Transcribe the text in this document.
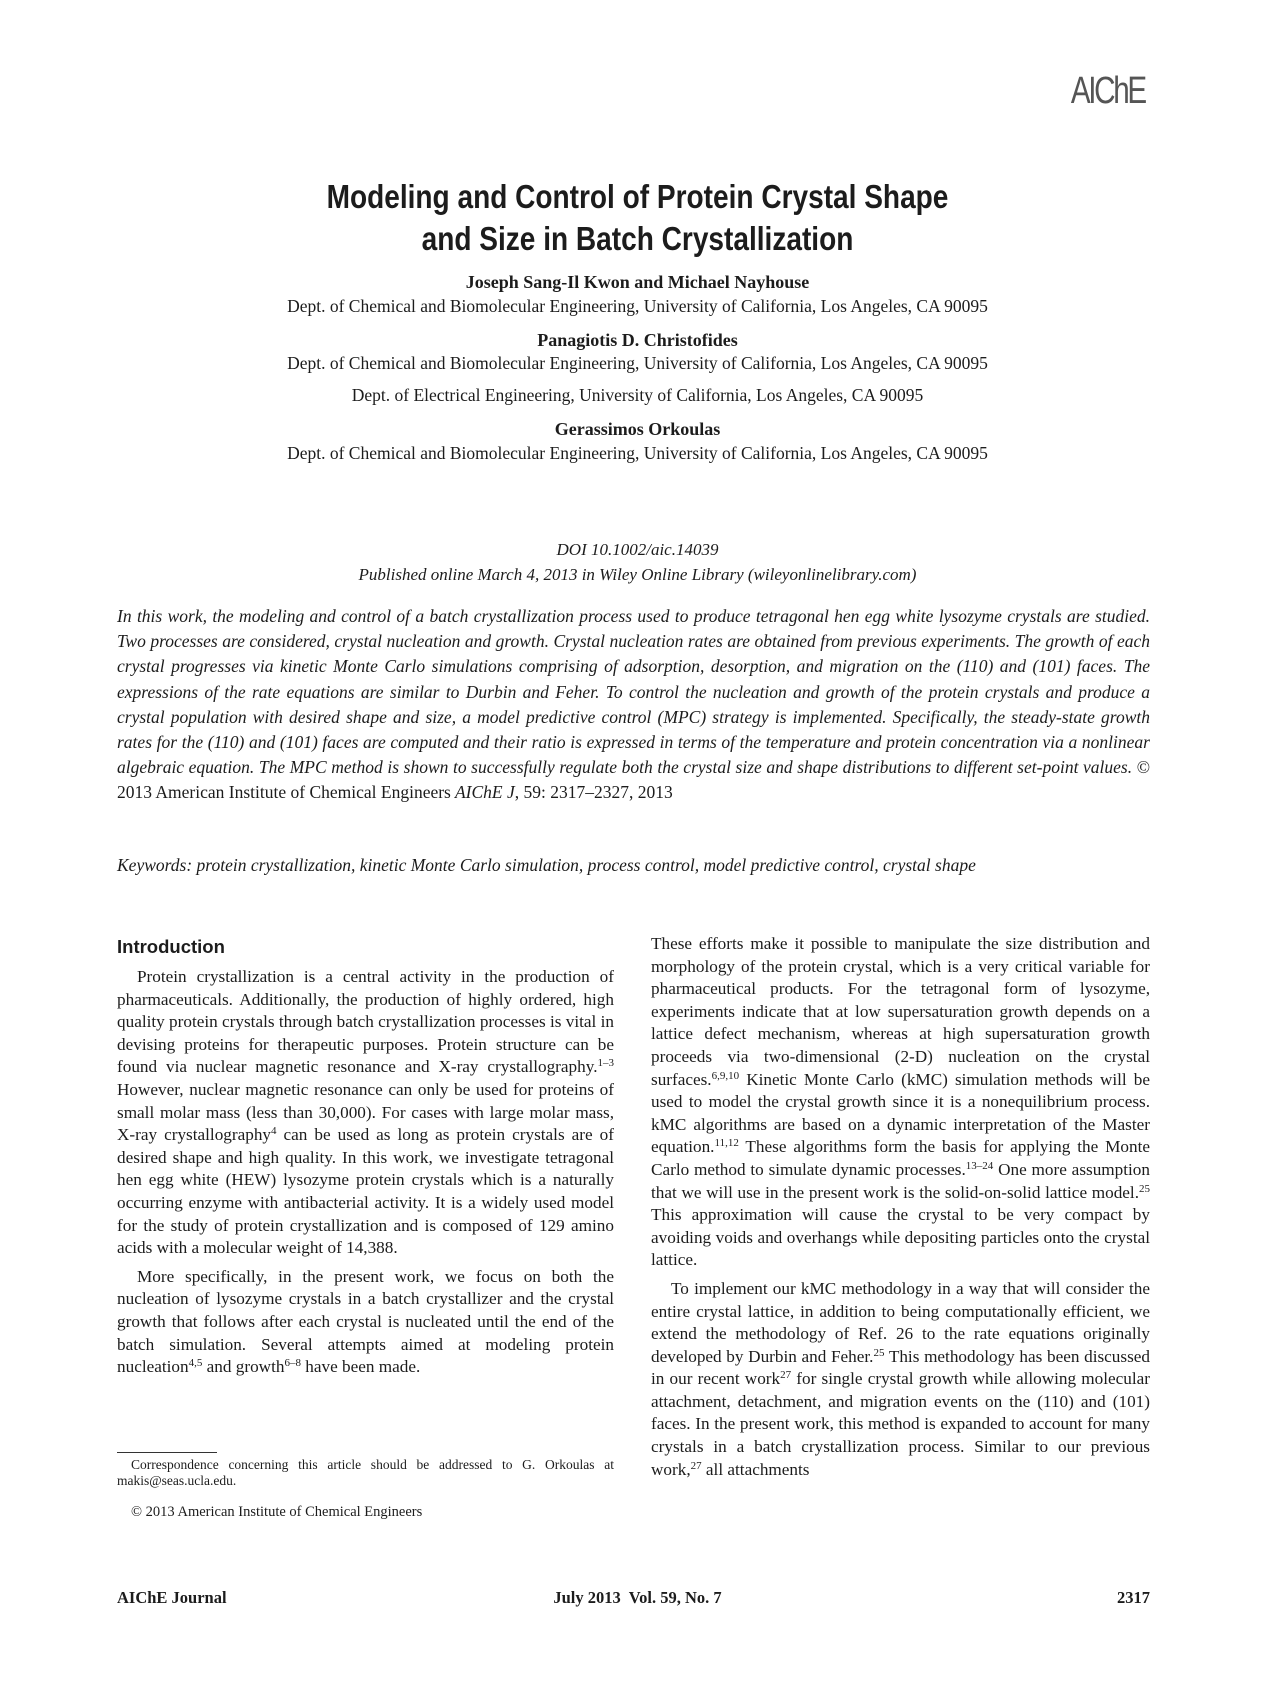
AIChE
Modeling and Control of Protein Crystal Shape
and Size in Batch Crystallization
Joseph Sang-Il Kwon and Michael Nayhouse
Dept. of Chemical and Biomolecular Engineering, University of California, Los Angeles, CA 90095
Panagiotis D. Christofides
Dept. of Chemical and Biomolecular Engineering, University of California, Los Angeles, CA 90095
Dept. of Electrical Engineering, University of California, Los Angeles, CA 90095
Gerassimos Orkoulas
Dept. of Chemical and Biomolecular Engineering, University of California, Los Angeles, CA 90095
DOI 10.1002/aic.14039
Published online March 4, 2013 in Wiley Online Library (wileyonlinelibrary.com)
In this work, the modeling and control of a batch crystallization process used to produce tetragonal hen egg white lysozyme crystals are studied. Two processes are considered, crystal nucleation and growth. Crystal nucleation rates are obtained from previous experiments. The growth of each crystal progresses via kinetic Monte Carlo simulations comprising of adsorption, desorption, and migration on the (110) and (101) faces. The expressions of the rate equations are similar to Durbin and Feher. To control the nucleation and growth of the protein crystals and produce a crystal population with desired shape and size, a model predictive control (MPC) strategy is implemented. Specifically, the steady-state growth rates for the (110) and (101) faces are computed and their ratio is expressed in terms of the temperature and protein concentration via a nonlinear algebraic equation. The MPC method is shown to successfully regulate both the crystal size and shape distributions to different set-point values. © 2013 American Institute of Chemical Engineers AIChE J, 59: 2317–2327, 2013
Keywords: protein crystallization, kinetic Monte Carlo simulation, process control, model predictive control, crystal shape
Introduction

Protein crystallization is a central activity in the production of pharmaceuticals. Additionally, the production of highly ordered, high quality protein crystals through batch crystallization processes is vital in devising proteins for therapeutic purposes. Protein structure can be found via nuclear magnetic resonance and X-ray crystallography.$^{1-3}$ However, nuclear magnetic resonance can only be used for proteins of small molar mass (less than 30,000). For cases with large molar mass, X-ray crystallography$^4$ can be used as long as protein crystals are of desired shape and high quality. In this work, we investigate tetragonal hen egg white (HEW) lysozyme protein crystals which is a naturally occurring enzyme with antibacterial activity. It is a widely used model for the study of protein crystallization and is composed of 129 amino acids with a molecular weight of 14,388.

More specifically, in the present work, we focus on both the nucleation of lysozyme crystals in a batch crystallizer and the crystal growth that follows after each crystal is nucleated until the end of the batch simulation. Several attempts aimed at modeling protein nucleation$^{4,5}$ and growth$^{6-8}$ have been made.

These efforts make it possible to manipulate the size distribution and morphology of the protein crystal, which is a very critical variable for pharmaceutical products. For the tetragonal form of lysozyme, experiments indicate that at low supersaturation growth depends on a lattice defect mechanism, whereas at high supersaturation growth proceeds via two-dimensional (2-D) nucleation on the crystal surfaces.$^{6,9,10}$ Kinetic Monte Carlo (kMC) simulation methods will be used to model the crystal growth since it is a nonequilibrium process. kMC algorithms are based on a dynamic interpretation of the Master equation.$^{11,12}$ These algorithms form the basis for applying the Monte Carlo method to simulate dynamic processes.$^{13-24}$ One more assumption that we will use in the present work is the solid-on-solid lattice model.$^{25}$ This approximation will cause the crystal to be very compact by avoiding voids and overhangs while depositing particles onto the crystal lattice.

To implement our kMC methodology in a way that will consider the entire crystal lattice, in addition to being computationally efficient, we extend the methodology of Ref. 26 to the rate equations originally developed by Durbin and Feher.$^{25}$ This methodology has been discussed in our recent work$^{27}$ for single crystal growth while allowing molecular attachment, detachment, and migration events on the (110) and (101) faces. In the present work, this method is expanded to account for many crystals in a batch crystallization process. Similar to our previous work,$^{27}$ all attachments

Correspondence concerning this article should be addressed to G. Orkoulas at makis@seas.ucla.edu.
© 2013 American Institute of Chemical Engineers
AIChE Journal	July 2013  Vol. 59, No. 7	2317
